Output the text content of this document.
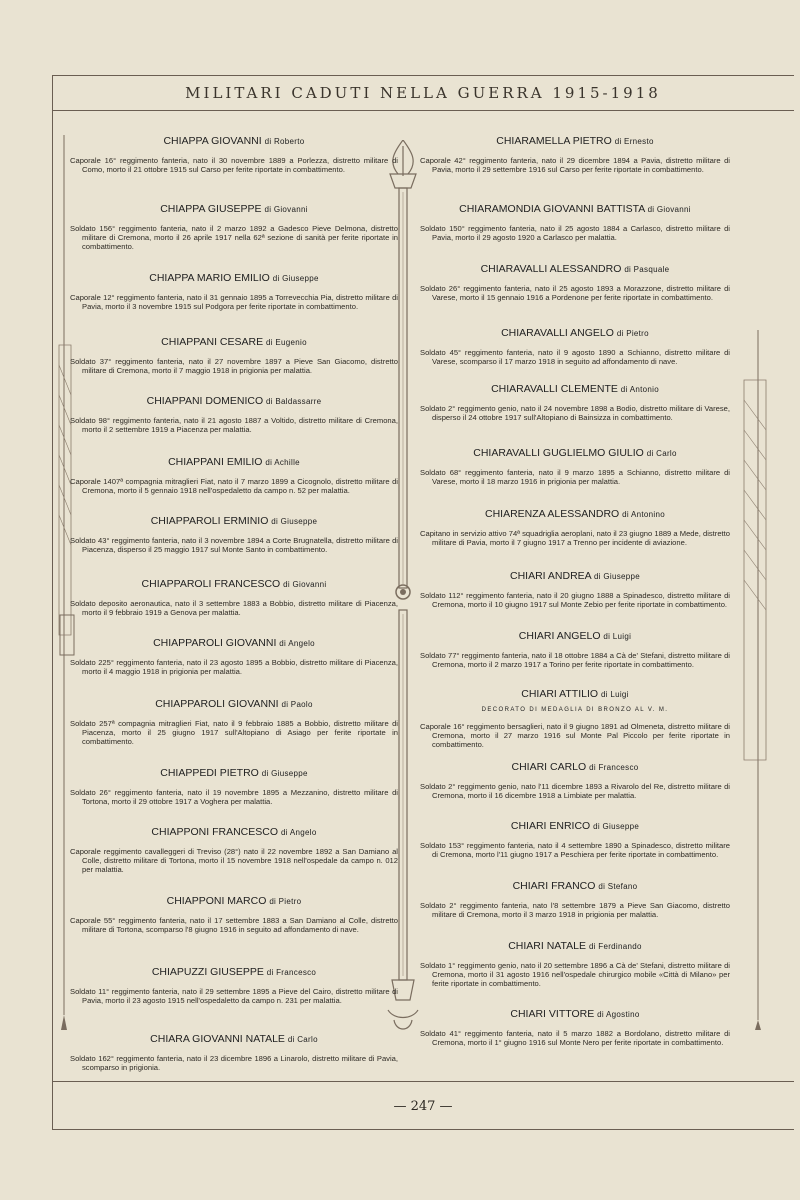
MILITARI CADUTI NELLA GUERRA 1915-1918
CHIAPPA GIOVANNI di Roberto

Caporale 16° reggimento fanteria, nato il 30 novembre 1889 a Porlezza, distretto militare di Como, morto il 21 ottobre 1915 sul Carso per ferite riportate in combattimento.

CHIAPPA GIUSEPPE di Giovanni

Soldato 156° reggimento fanteria, nato il 2 marzo 1892 a Gadesco Pieve Delmona, distretto militare di Cremona, morto il 26 aprile 1917 nella 62ª sezione di sanità per ferite riportate in combattimento.

CHIAPPA MARIO EMILIO di Giuseppe

Caporale 12° reggimento fanteria, nato il 31 gennaio 1895 a Torrevecchia Pia, distretto militare di Pavia, morto il 3 novembre 1915 sul Podgora per ferite riportate in combattimento.

CHIAPPANI CESARE di Eugenio

Soldato 37° reggimento fanteria, nato il 27 novembre 1897 a Pieve San Giacomo, distretto militare di Cremona, morto il 7 maggio 1918 in prigionia per malattia.

CHIAPPANI DOMENICO di Baldassarre

Soldato 98° reggimento fanteria, nato il 21 agosto 1887 a Voltido, distretto militare di Cremona, morto il 2 settembre 1919 a Piacenza per malattia.

CHIAPPANI EMILIO di Achille

Caporale 1407ª compagnia mitraglieri Fiat, nato il 7 marzo 1899 a Cicognolo, distretto militare di Cremona, morto il 5 gennaio 1918 nell'ospedaletto da campo n. 52 per malattia.

CHIAPPAROLI ERMINIO di Giuseppe

Soldato 43° reggimento fanteria, nato il 3 novembre 1894 a Corte Brugnatella, distretto militare di Piacenza, disperso il 25 maggio 1917 sul Monte Santo in combattimento.

CHIAPPAROLI FRANCESCO di Giovanni

Soldato deposito aeronautica, nato il 3 settembre 1883 a Bobbio, distretto militare di Piacenza, morto il 9 febbraio 1919 a Genova per malattia.

CHIAPPAROLI GIOVANNI di Angelo

Soldato 225° reggimento fanteria, nato il 23 agosto 1895 a Bobbio, distretto militare di Piacenza, morto il 4 maggio 1918 in prigionia per malattia.

CHIAPPAROLI GIOVANNI di Paolo

Soldato 257ª compagnia mitraglieri Fiat, nato il 9 febbraio 1885 a Bobbio, distretto militare di Piacenza, morto il 25 giugno 1917 sull'Altopiano di Asiago per ferite riportate in combattimento.

CHIAPPEDI PIETRO di Giuseppe

Soldato 26° reggimento fanteria, nato il 19 novembre 1895 a Mezzanino, distretto militare di Tortona, morto il 29 ottobre 1917 a Voghera per malattia.

CHIAPPONI FRANCESCO di Angelo

Caporale reggimento cavalleggeri di Treviso (28°) nato il 22 novembre 1892 a San Damiano al Colle, distretto militare di Tortona, morto il 15 novembre 1918 nell'ospedale da campo n. 012 per malattia.

CHIAPPONI MARCO di Pietro

Caporale 55° reggimento fanteria, nato il 17 settembre 1883 a San Damiano al Colle, distretto militare di Tortona, scomparso l'8 giugno 1916 in seguito ad affondamento di nave.

CHIAPUZZI GIUSEPPE di Francesco

Soldato 11° reggimento fanteria, nato il 29 settembre 1895 a Pieve del Cairo, distretto militare di Pavia, morto il 23 agosto 1915 nell'ospedaletto da campo n. 231 per malattia.

CHIARA GIOVANNI NATALE di Carlo

Soldato 162° reggimento fanteria, nato il 23 dicembre 1896 a Linarolo, distretto militare di Pavia, scomparso in prigionia.

CHIARAMELLA PIETRO di Ernesto

Caporale 42° reggimento fanteria, nato il 29 dicembre 1894 a Pavia, distretto militare di Pavia, morto il 29 settembre 1916 sul Carso per ferite riportate in combattimento.

CHIARAMONDIA GIOVANNI BATTISTA di Giovanni

Soldato 150° reggimento fanteria, nato il 25 agosto 1884 a Carlasco, distretto militare di Pavia, morto il 29 agosto 1920 a Carlasco per malattia.

CHIARAVALLI ALESSANDRO di Pasquale

Soldato 26° reggimento fanteria, nato il 25 agosto 1893 a Morazzone, distretto militare di Varese, morto il 15 gennaio 1916 a Pordenone per ferite riportate in combattimento.

CHIARAVALLI ANGELO di Pietro

Soldato 45° reggimento fanteria, nato il 9 agosto 1890 a Schianno, distretto militare di Varese, scomparso il 17 marzo 1918 in seguito ad affondamento di nave.

CHIARAVALLI CLEMENTE di Antonio

Soldato 2° reggimento genio, nato il 24 novembre 1898 a Bodio, distretto militare di Varese, disperso il 24 ottobre 1917 sull'Altopiano di Bainsizza in combattimento.

CHIARAVALLI GUGLIELMO GIULIO di Carlo

Soldato 68° reggimento fanteria, nato il 9 marzo 1895 a Schianno, distretto militare di Varese, morto il 18 marzo 1916 in prigionia per malattia.

CHIARENZA ALESSANDRO di Antonino

Capitano in servizio attivo 74ª squadriglia aeroplani, nato il 23 giugno 1889 a Mede, distretto militare di Pavia, morto il 7 giugno 1917 a Trenno per incidente di aviazione.

CHIARI ANDREA di Giuseppe

Soldato 112° reggimento fanteria, nato il 20 giugno 1888 a Spinadesco, distretto militare di Cremona, morto il 10 giugno 1917 sul Monte Zebio per ferite riportate in combattimento.

CHIARI ANGELO di Luigi

Soldato 77° reggimento fanteria, nato il 18 ottobre 1884 a Cà de' Stefani, distretto militare di Cremona, morto il 2 marzo 1917 a Torino per ferite riportate in combattimento.

CHIARI ATTILIO di Luigi
DECORATO DI MEDAGLIA DI BRONZO AL V. M.

Caporale 16° reggimento bersaglieri, nato il 9 giugno 1891 ad Olmeneta, distretto militare di Cremona, morto il 27 marzo 1916 sul Monte Pal Piccolo per ferite riportate in combattimento.

CHIARI CARLO di Francesco

Soldato 2° reggimento genio, nato l'11 dicembre 1893 a Rivarolo del Re, distretto militare di Cremona, morto il 16 dicembre 1918 a Limbiate per malattia.

CHIARI ENRICO di Giuseppe

Soldato 153° reggimento fanteria, nato il 4 settembre 1890 a Spinadesco, distretto militare di Cremona, morto l'11 giugno 1917 a Peschiera per ferite riportate in combattimento.

CHIARI FRANCO di Stefano

Soldato 2° reggimento fanteria, nato l'8 settembre 1879 a Pieve San Giacomo, distretto militare di Cremona, morto il 3 marzo 1918 in prigionia per malattia.

CHIARI NATALE di Ferdinando

Soldato 1° reggimento genio, nato il 20 settembre 1896 a Cà de' Stefani, distretto militare di Cremona, morto il 31 agosto 1916 nell'ospedale chirurgico mobile «Città di Milano» per ferite riportate in combattimento.

CHIARI VITTORE di Agostino

Soldato 41° reggimento fanteria, nato il 5 marzo 1882 a Bordolano, distretto militare di Cremona, morto il 1° giugno 1916 sul Monte Nero per ferite riportate in combattimento.

— 247 —
